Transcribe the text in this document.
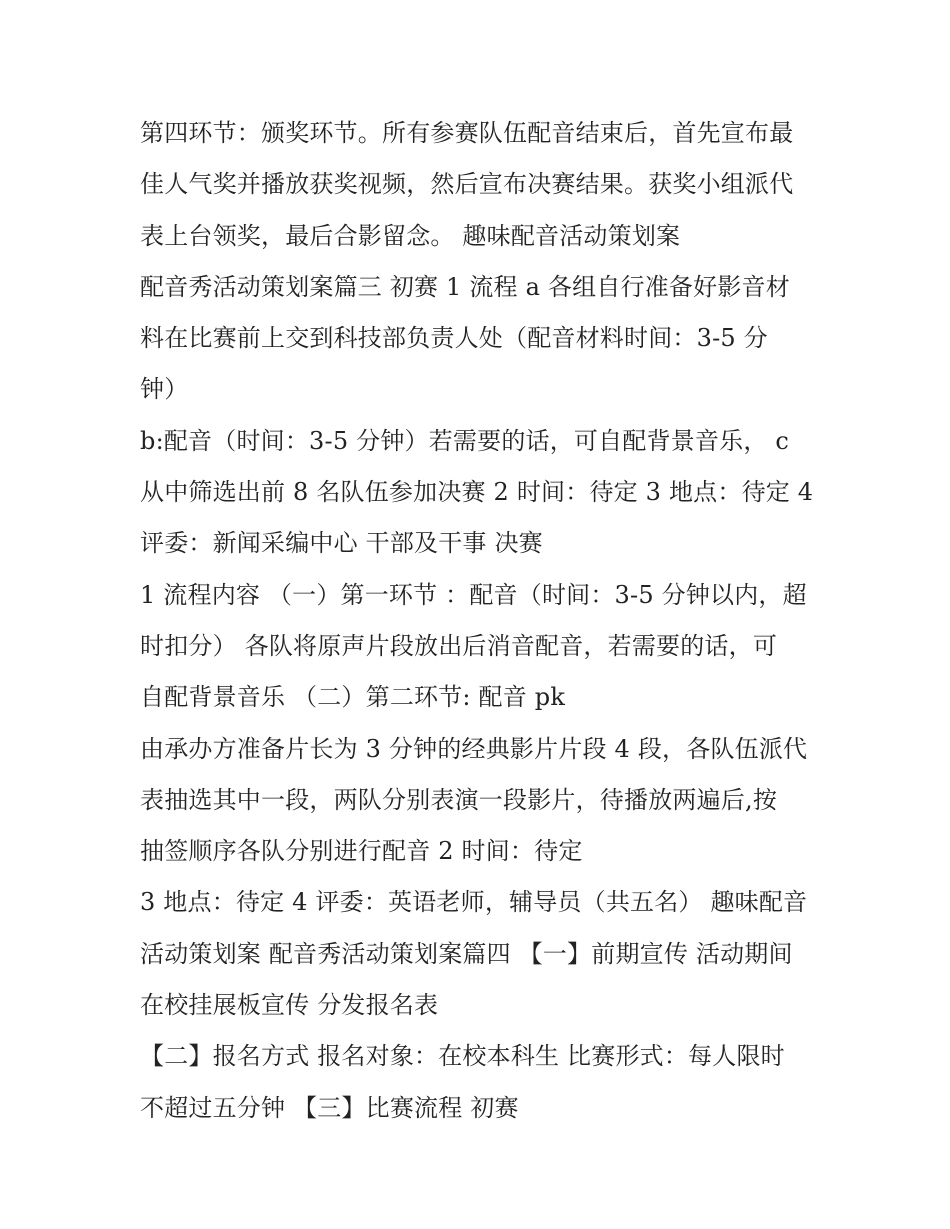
第四环节：颁奖环节。所有参赛队伍配音结束后，首先宣布最
佳人气奖并播放获奖视频，然后宣布决赛结果。获奖小组派代
表上台领奖，最后合影留念。 趣味配音活动策划案
配音秀活动策划案篇三 初赛 1 流程 a 各组自行准备好影音材
料在比赛前上交到科技部负责人处（配音材料时间：3-5 分
钟）
b:配音（时间：3-5 分钟）若需要的话，可自配背景音乐， c
从中筛选出前 8 名队伍参加决赛 2 时间：待定 3 地点：待定 4
评委：新闻采编中心 干部及干事 决赛
1 流程内容 （一）第一环节 ：配音（时间：3-5 分钟以内，超
时扣分） 各队将原声片段放出后消音配音，若需要的话，可
自配背景音乐 （二）第二环节: 配音 pk
由承办方准备片长为 3 分钟的经典影片片段 4 段，各队伍派代
表抽选其中一段，两队分别表演一段影片，待播放两遍后,按
抽签顺序各队分别进行配音 2 时间：待定
3 地点：待定 4 评委：英语老师，辅导员（共五名） 趣味配音
活动策划案 配音秀活动策划案篇四 【一】前期宣传 活动期间
在校挂展板宣传 分发报名表
【二】报名方式 报名对象：在校本科生 比赛形式：每人限时
不超过五分钟 【三】比赛流程 初赛
